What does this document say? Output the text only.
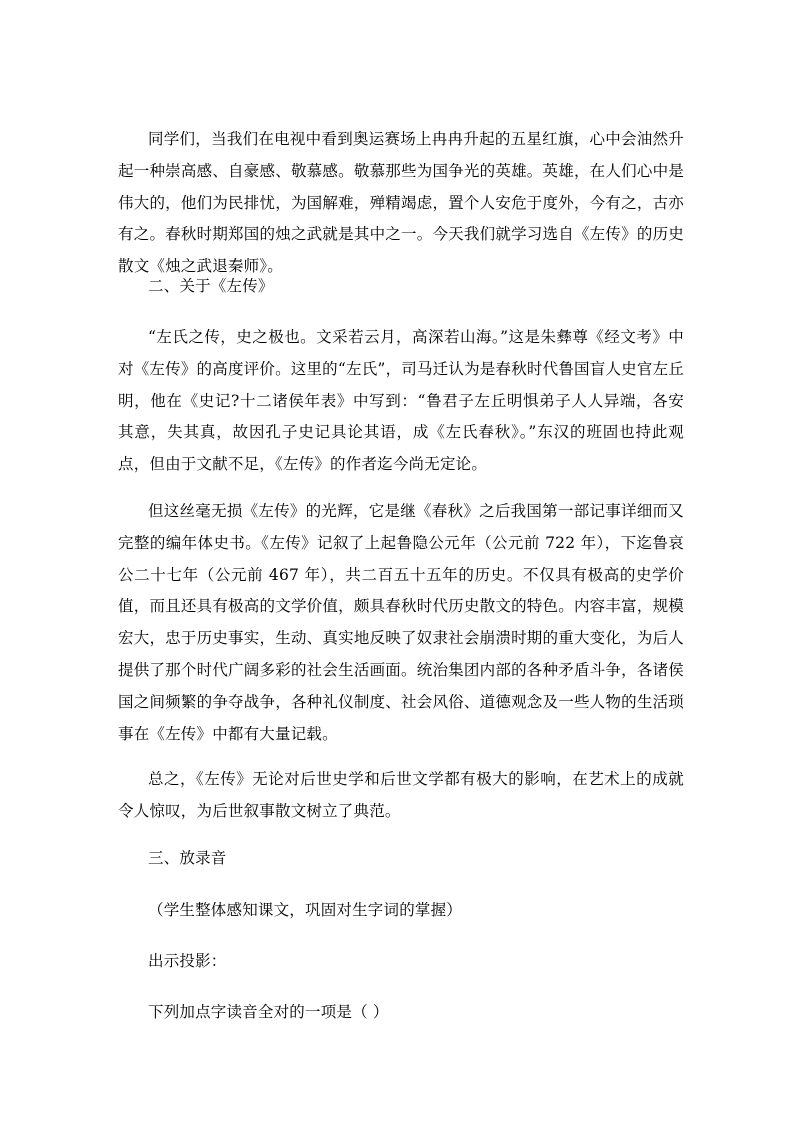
同学们，当我们在电视中看到奥运赛场上冉冉升起的五星红旗，心中会油然升起一种崇高感、自豪感、敬慕感。敬慕那些为国争光的英雄。英雄，在人们心中是伟大的，他们为民排忧，为国解难，殚精竭虑，置个人安危于度外，今有之，古亦有之。春秋时期郑国的烛之武就是其中之一。今天我们就学习选自《左传》的历史散文《烛之武退秦师》。

二、关于《左传》

“左氏之传，史之极也。文采若云月，高深若山海。”这是朱彝尊《经文考》中对《左传》的高度评价。这里的“左氏”，司马迁认为是春秋时代鲁国盲人史官左丘明，他在《史记?十二诸侯年表》中写到：“鲁君子左丘明惧弟子人人异端，各安其意，失其真，故因孔子史记具论其语，成《左氏春秋》。”东汉的班固也持此观点，但由于文献不足，《左传》的作者迄今尚无定论。

但这丝毫无损《左传》的光辉，它是继《春秋》之后我国第一部记事详细而又完整的编年体史书。《左传》记叙了上起鲁隐公元年（公元前 722 年），下迄鲁哀公二十七年（公元前 467 年），共二百五十五年的历史。不仅具有极高的史学价值，而且还具有极高的文学价值，颇具春秋时代历史散文的特色。内容丰富，规模宏大，忠于历史事实，生动、真实地反映了奴隶社会崩溃时期的重大变化，为后人提供了那个时代广阔多彩的社会生活画面。统治集团内部的各种矛盾斗争，各诸侯国之间频繁的争夺战争，各种礼仪制度、社会风俗、道德观念及一些人物的生活琐事在《左传》中都有大量记载。

总之，《左传》无论对后世史学和后世文学都有极大的影响，在艺术上的成就令人惊叹，为后世叙事散文树立了典范。

三、放录音

（学生整体感知课文，巩固对生字词的掌握）

出示投影：

下列加点字读音全对的一项是（ ）
